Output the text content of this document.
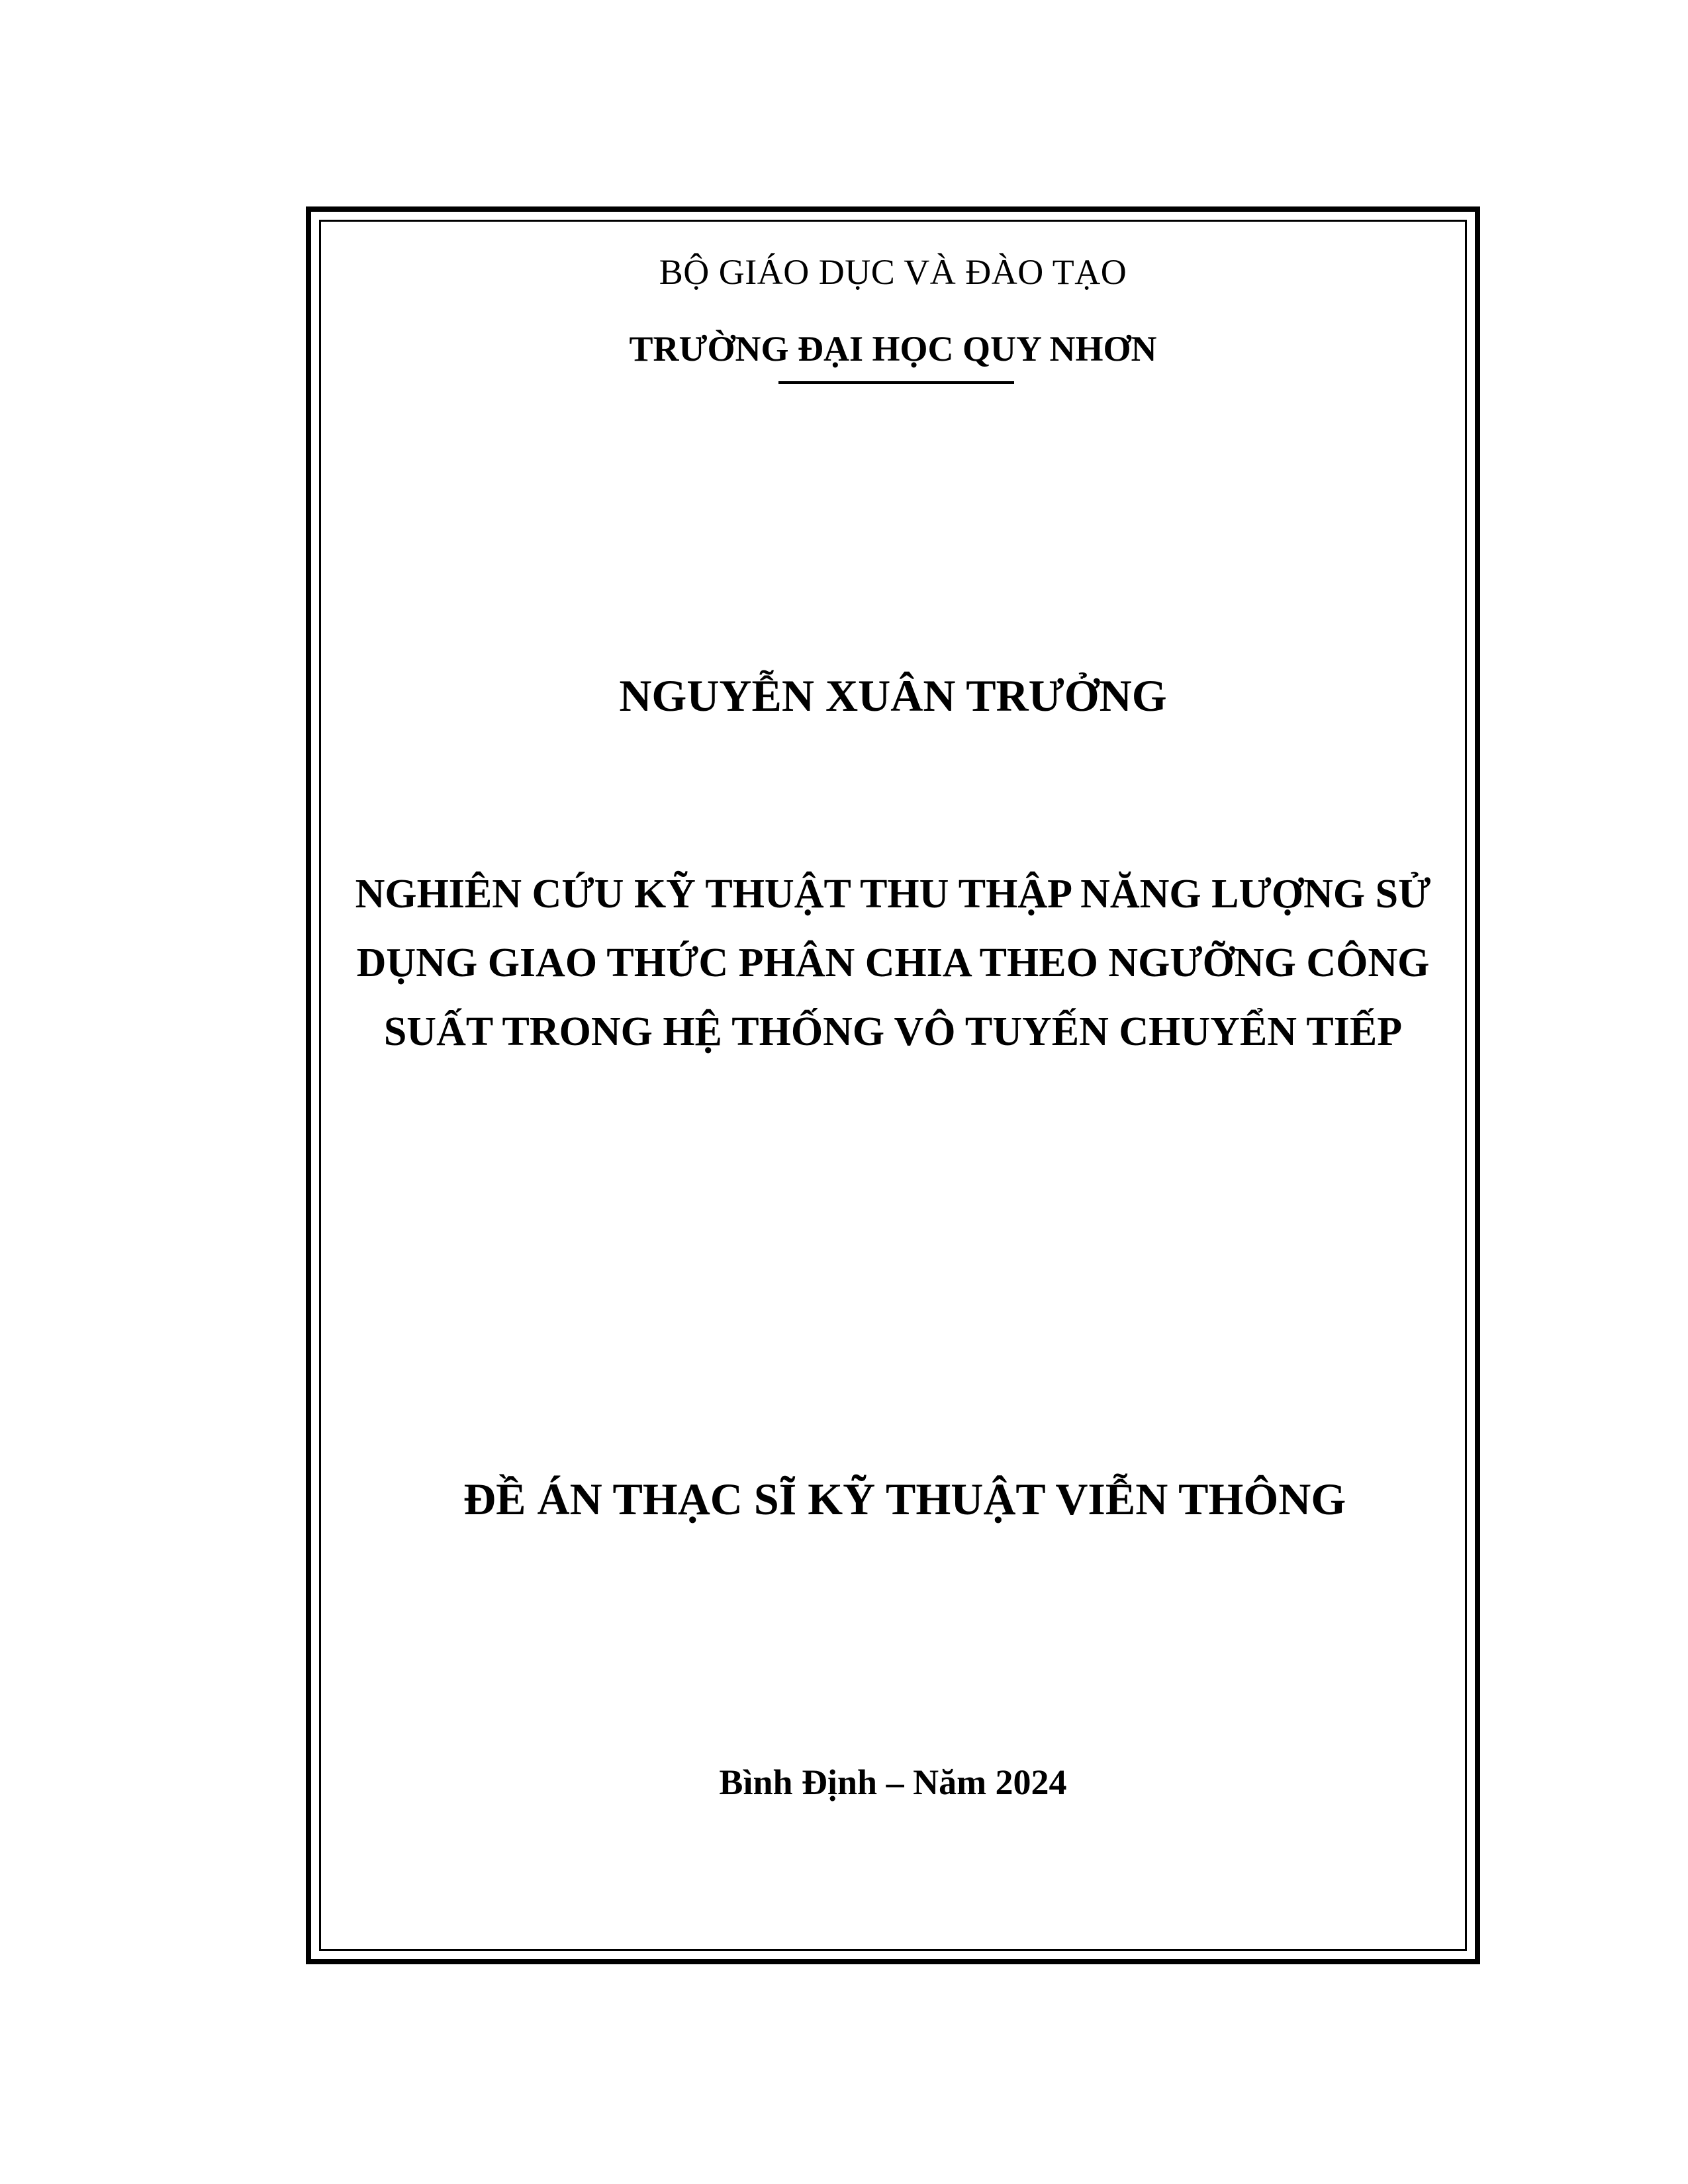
BỘ GIÁO DỤC VÀ ĐÀO TẠO
TRƯỜNG ĐẠI HỌC QUY NHƠN
NGUYỄN XUÂN TRƯỞNG
NGHIÊN CỨU KỸ THUẬT THU THẬP NĂNG LƯỢNG SỬ
DỤNG GIAO THỨC PHÂN CHIA THEO NGƯỠNG CÔNG
SUẤT TRONG HỆ THỐNG VÔ TUYẾN CHUYỂN TIẾP
ĐỀ ÁN THẠC SĨ KỸ THUẬT VIỄN THÔNG
Bình Định – Năm 2024
